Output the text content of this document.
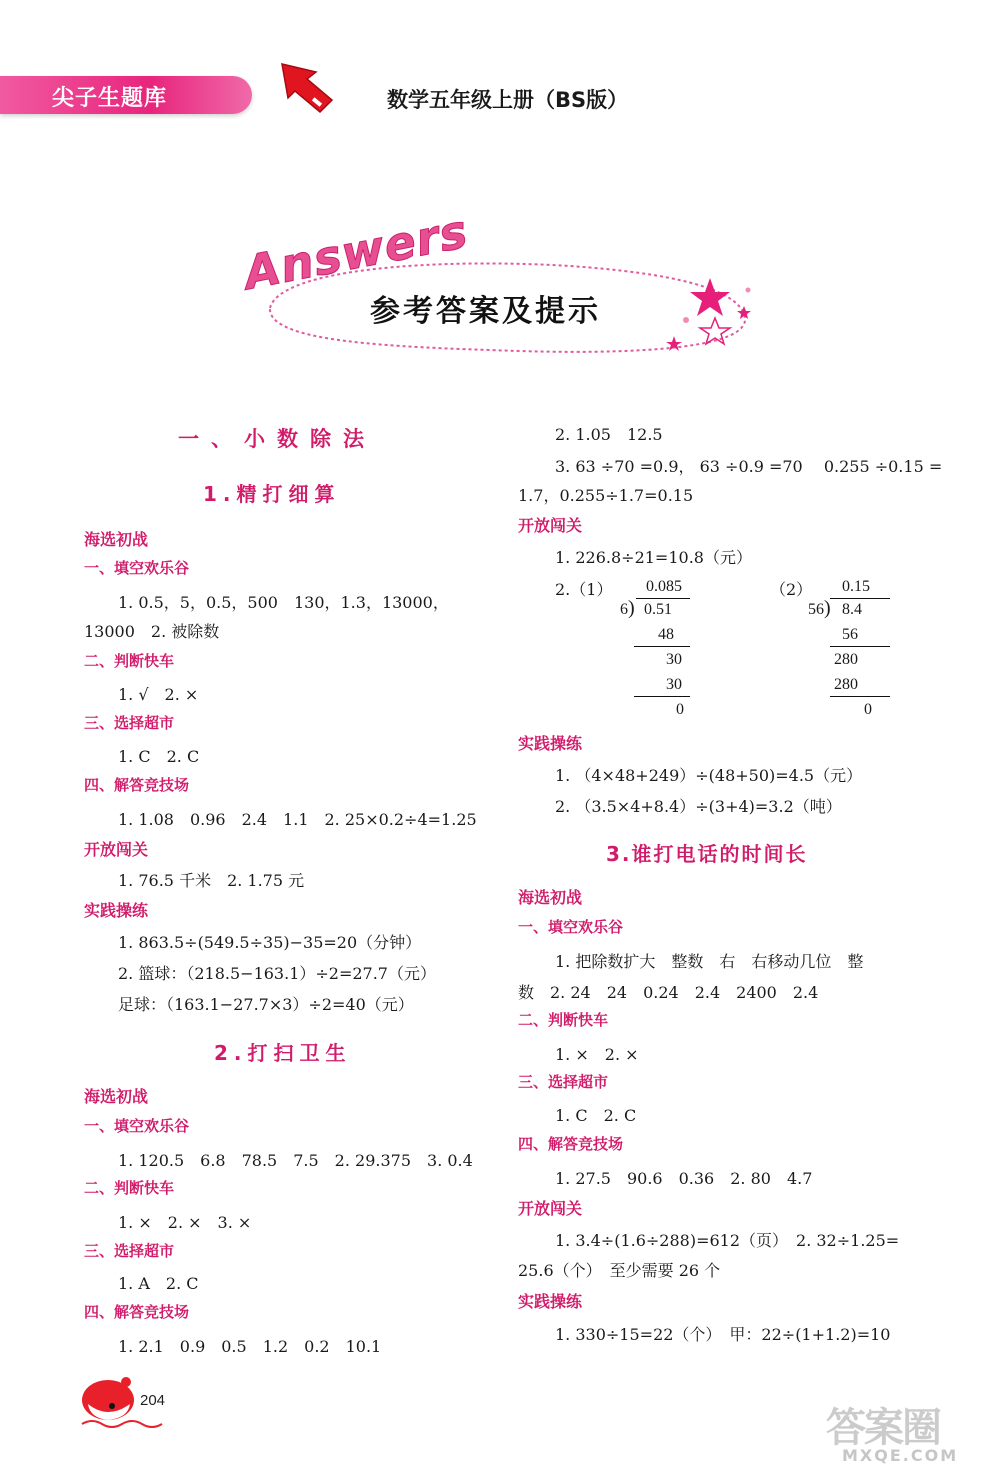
尖子生题库	数学五年级上册（BS版）
Answers
参考答案及提示
一、小数除法
1.精打细算
海选初战
一、填空欢乐谷
1. 0.5，5，0.5，500　130，1.3，13000，
13000　2. 被除数
二、判断快车
1. √　2. ×
三、选择超市
1. C　2. C
四、解答竞技场
1. 1.08　0.96　2.4　1.1　2. 25×0.2÷4=1.25
开放闯关
1. 76.5 千米　2. 1.75 元
实践操练
1. 863.5÷(549.5÷35)−35=20（分钟）
2. 篮球：（218.5−163.1）÷2=27.7（元）
足球：（163.1−27.7×3）÷2=40（元）
2.打扫卫生
海选初战
一、填空欢乐谷
1. 120.5　6.8　78.5　7.5　2. 29.375　3. 0.4
二、判断快车
1. ×　2. ×　3. ×
三、选择超市
1. A　2. C
四、解答竞技场
1. 2.1　0.9　0.5　1.2　0.2　10.1
2. 1.05　12.5
3. 63 ÷70 =0.9， 63 ÷0.9 =70　 0.255 ÷0.15 =
1.7，0.255÷1.7=0.15
开放闯关
1. 226.8÷21=10.8（元）
2.（1）	（2）
0.085
6 ) 0.51
48
30
30
0
0.15
56 ) 8.4
56
280
280
0
实践操练
1. （4×48+249）÷(48+50)=4.5（元）
2. （3.5×4+8.4）÷(3+4)=3.2（吨）
3.谁打电话的时间长
海选初战
一、填空欢乐谷
1. 把除数扩大　整数　右　右移动几位　整
数　2. 24　24　0.24　2.4　2400　2.4
二、判断快车
1. ×　2. ×
三、选择超市
1. C　2. C
四、解答竞技场
1. 27.5　90.6　0.36　2. 80　4.7
开放闯关
1. 3.4÷(1.6÷288)=612（页）　2. 32÷1.25=
25.6（个）　至少需要 26 个
实践操练
1. 330÷15=22（个）　甲：22÷(1+1.2)=10
204
答案圈
MXQE.COM
